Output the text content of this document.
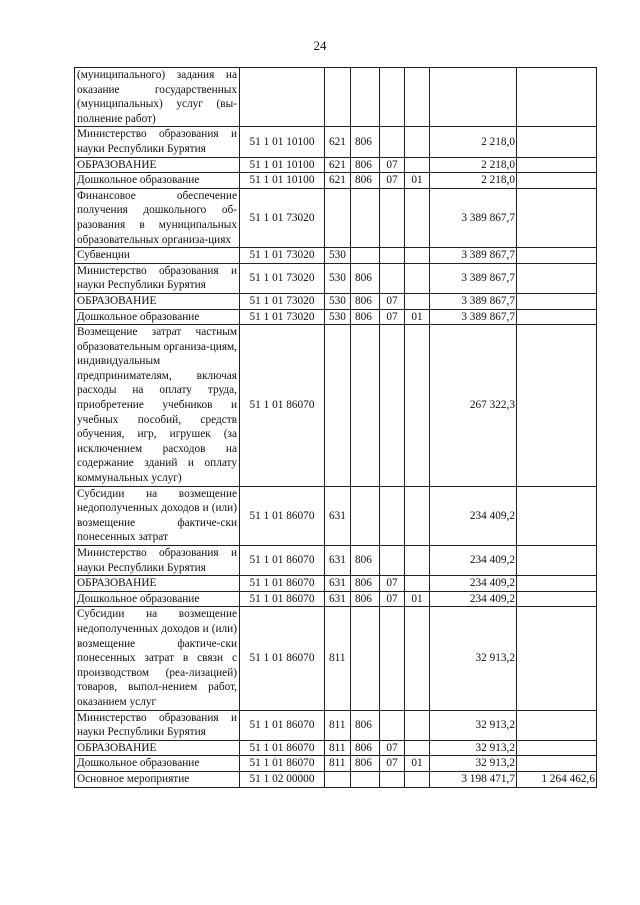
24
(муниципального) задания на оказание государственных (муниципальных) услуг (вы-полнение работ)							
Министерство образования и науки Республики Бурятия	51 1 01 10100	621	806			2 218,0	
ОБРАЗОВАНИЕ	51 1 01 10100	621	806	07		2 218,0	
Дошкольное образование	51 1 01 10100	621	806	07	01	2 218,0	
Финансовое обеспечение получения дошкольного об-разования в муниципальных образовательных организа-циях	51 1 01 73020					3 389 867,7	
Субвенции	51 1 01 73020	530				3 389 867,7	
Министерство образования и науки Республики Бурятия	51 1 01 73020	530	806			3 389 867,7	
ОБРАЗОВАНИЕ	51 1 01 73020	530	806	07		3 389 867,7	
Дошкольное образование	51 1 01 73020	530	806	07	01	3 389 867,7	
Возмещение затрат частным образовательным организа-циям, индивидуальным предпринимателям, включая расходы на оплату труда, приобретение учебников и учебных пособий, средств обучения, игр, игрушек (за исключением расходов на содержание зданий и оплату коммунальных услуг)	51 1 01 86070					267 322,3	
Субсидии на возмещение недополученных доходов и (или) возмещение фактиче-ски понесенных затрат	51 1 01 86070	631				234 409,2	
Министерство образования и науки Республики Бурятия	51 1 01 86070	631	806			234 409,2	
ОБРАЗОВАНИЕ	51 1 01 86070	631	806	07		234 409,2	
Дошкольное образование	51 1 01 86070	631	806	07	01	234 409,2	
Субсидии на возмещение недополученных доходов и (или) возмещение фактиче-ски понесенных затрат в связи с производством (реа-лизацией) товаров, выпол-нением работ, оказанием услуг	51 1 01 86070	811				32 913,2	
Министерство образования и науки Республики Бурятия	51 1 01 86070	811	806			32 913,2	
ОБРАЗОВАНИЕ	51 1 01 86070	811	806	07		32 913,2	
Дошкольное образование	51 1 01 86070	811	806	07	01	32 913,2	
Основное мероприятие	51 1 02 00000					3 198 471,7	1 264 462,6
